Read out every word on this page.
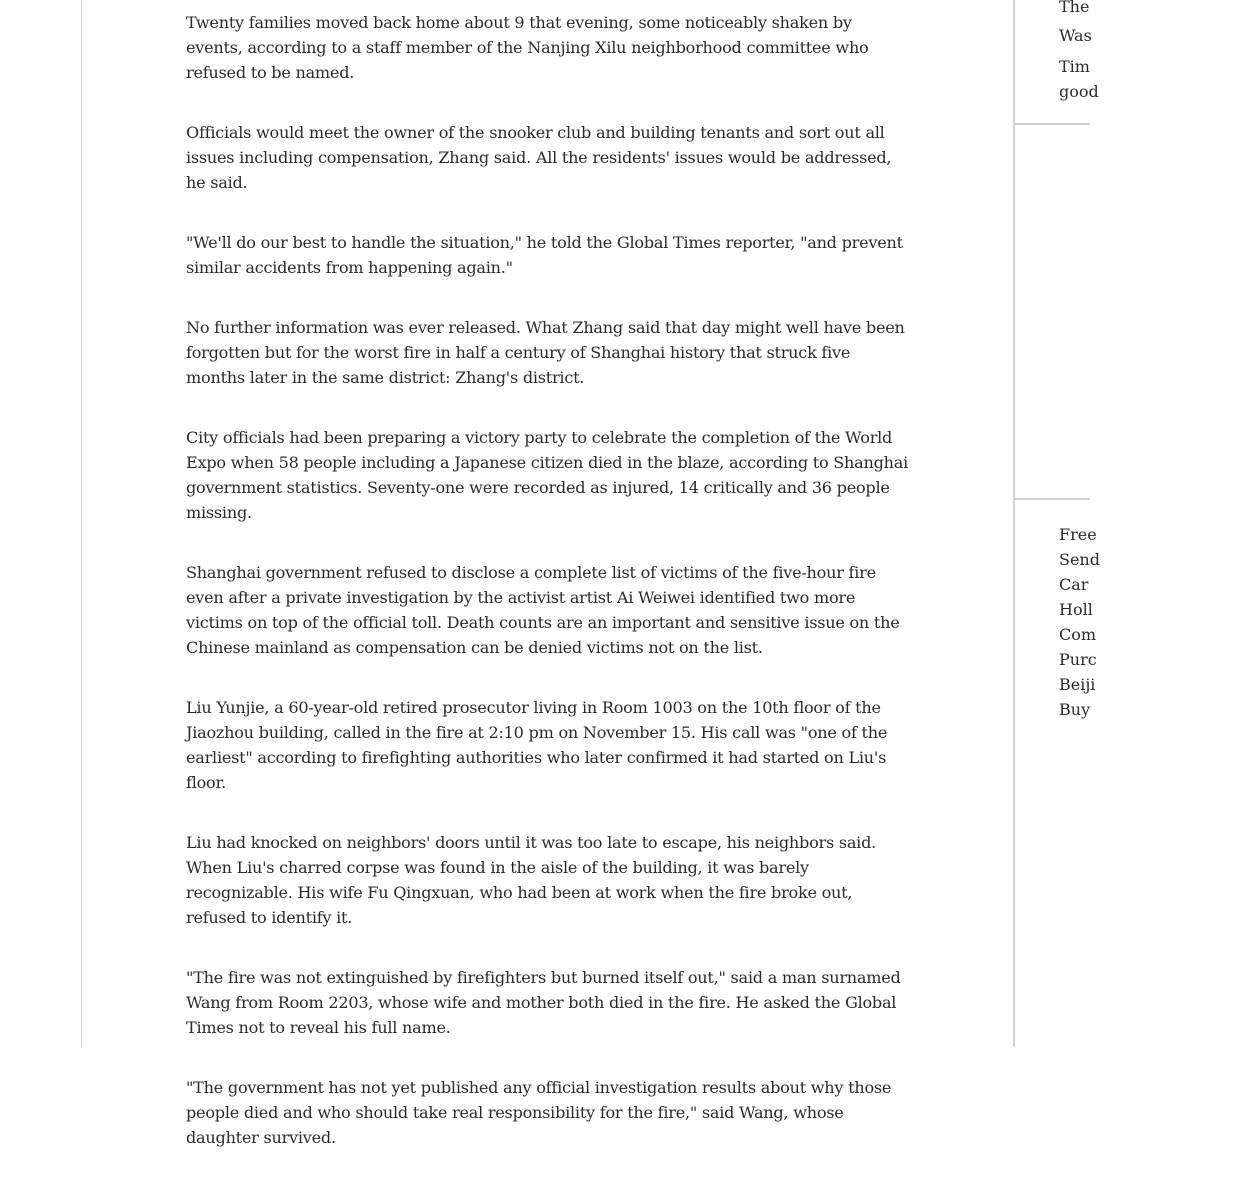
Twenty families moved back home about 9 that evening, some noticeably shaken by events, according to a staff member of the Nanjing Xilu neighborhood committee who refused to be named.

Officials would meet the owner of the snooker club and building tenants and sort out all issues including compensation, Zhang said. All the residents' issues would be addressed, he said.

"We'll do our best to handle the situation," he told the Global Times reporter, "and prevent similar accidents from happening again."

No further information was ever released. What Zhang said that day might well have been forgotten but for the worst fire in half a century of Shanghai history that struck five months later in the same district: Zhang's district.

City officials had been preparing a victory party to celebrate the completion of the World Expo when 58 people including a Japanese citizen died in the blaze, according to Shanghai government statistics. Seventy-one were recorded as injured, 14 critically and 36 people missing.

Shanghai government refused to disclose a complete list of victims of the five-hour fire even after a private investigation by the activist artist Ai Weiwei identified two more victims on top of the official toll. Death counts are an important and sensitive issue on the Chinese mainland as compensation can be denied victims not on the list.

Liu Yunjie, a 60-year-old retired prosecutor living in Room 1003 on the 10th floor of the Jiaozhou building, called in the fire at 2:10 pm on November 15. His call was "one of the earliest" according to firefighting authorities who later confirmed it had started on Liu's floor.

Liu had knocked on neighbors' doors until it was too late to escape, his neighbors said. When Liu's charred corpse was found in the aisle of the building, it was barely recognizable. His wife Fu Qingxuan, who had been at work when the fire broke out, refused to identify it.

"The fire was not extinguished by firefighters but burned itself out," said a man surnamed Wang from Room 2203, whose wife and mother both died in the fire. He asked the Global Times not to reveal his full name.

"The government has not yet published any official investigation results about why those people died and who should take real responsibility for the fire," said Wang, whose daughter survived.

The
Was
Tim
good
Free
Send
Car
Holl
Com
Purc
Beiji
Buy
